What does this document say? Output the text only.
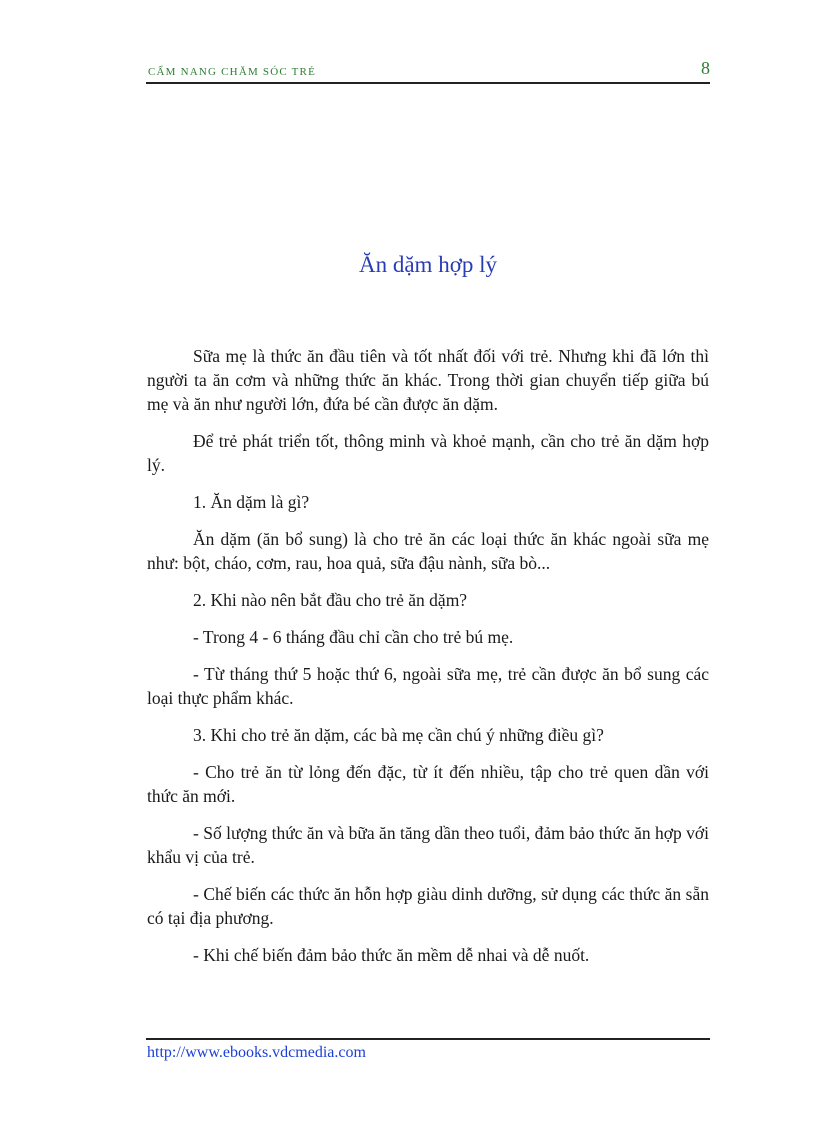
CẨM NANG CHĂM SÓC TRẺ	8
Ăn dặm hợp lý

Sữa mẹ là thức ăn đầu tiên và tốt nhất đối với trẻ. Nhưng khi đã lớn thì người ta ăn cơm và những thức ăn khác. Trong thời gian chuyển tiếp giữa bú mẹ và ăn như người lớn, đứa bé cần được ăn dặm.

Để trẻ phát triển tốt, thông minh và khoẻ mạnh, cần cho trẻ ăn dặm hợp lý.

1. Ăn dặm là gì?

Ăn dặm (ăn bổ sung) là cho trẻ ăn các loại thức ăn khác ngoài sữa mẹ như: bột, cháo, cơm, rau, hoa quả, sữa đậu nành, sữa bò...

2. Khi nào nên bắt đầu cho trẻ ăn dặm?

- Trong 4 - 6 tháng đầu chỉ cần cho trẻ bú mẹ.

- Từ tháng thứ 5 hoặc thứ 6, ngoài sữa mẹ, trẻ cần được ăn bổ sung các loại thực phẩm khác.

3. Khi cho trẻ ăn dặm, các bà mẹ cần chú ý những điều gì?

- Cho trẻ ăn từ lỏng đến đặc, từ ít đến nhiều, tập cho trẻ quen dần với thức ăn mới.

- Số lượng thức ăn và bữa ăn tăng dần theo tuổi, đảm bảo thức ăn hợp với khẩu vị của trẻ.

- Chế biến các thức ăn hỗn hợp giàu dinh dưỡng, sử dụng các thức ăn sẵn có tại địa phương.

- Khi chế biến đảm bảo thức ăn mềm dễ nhai và dễ nuốt.

http://www.ebooks.vdcmedia.com
